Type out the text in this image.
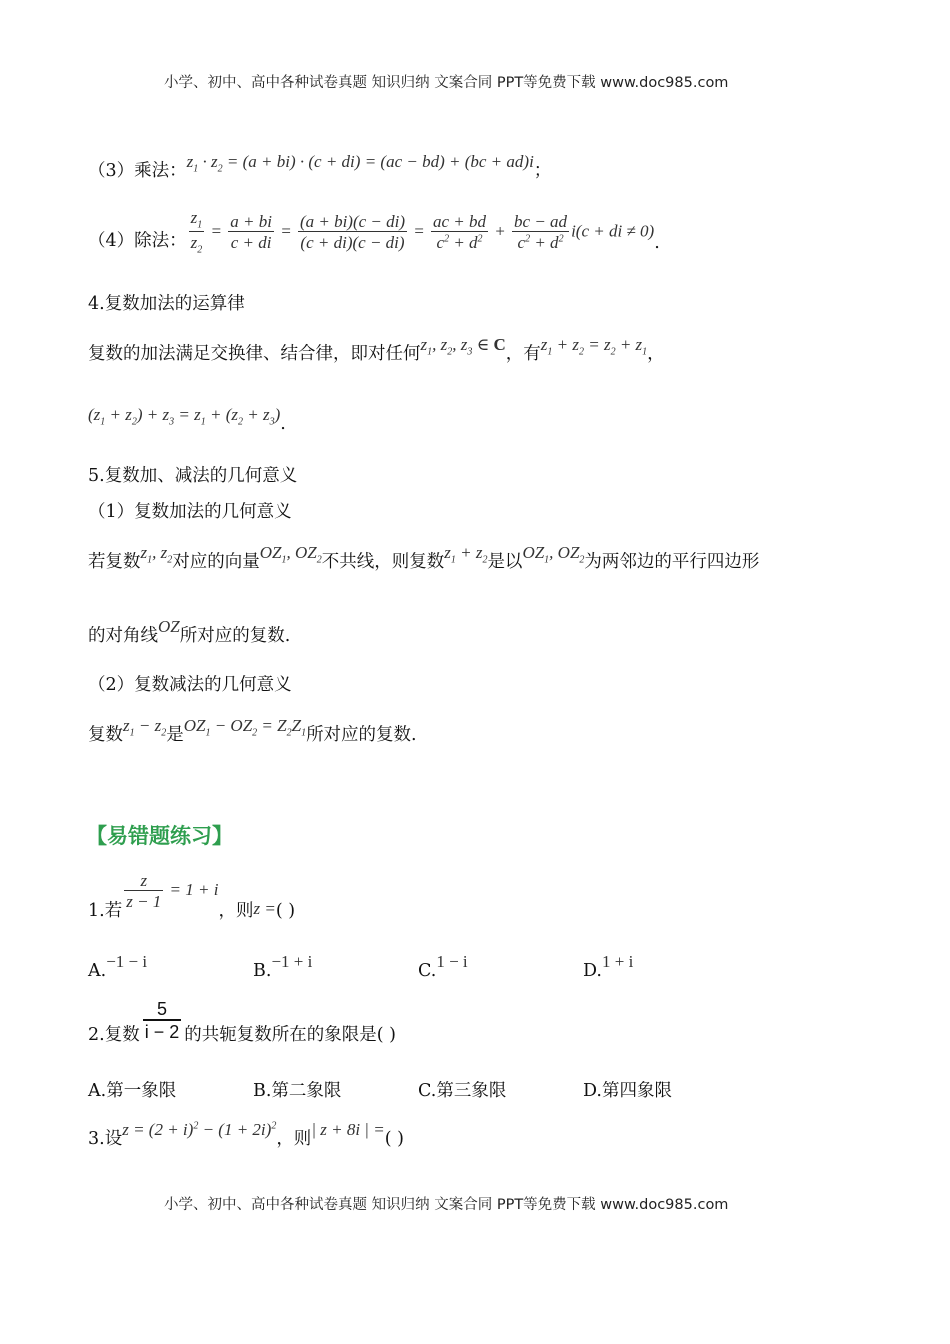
小学、初中、高中各种试卷真题 知识归纳 文案合同 PPT等免费下载 www.doc985.com
（3）乘法：$z_1 \cdot z_2 = (a + bi) \cdot (c + di) = (ac - bd) + (bc + ad)i$；
（4）除法： $\frac{z_1}{z_2} = \frac{a + bi}{c + di} = \frac{(a + bi)(c - di)}{(c + di)(c - di)} = \frac{ac + bd}{c^2 + d^2} + \frac{bc - ad}{c^2 + d^2} i(c$ + di ≠ 0).
4.复数加法的运算律
复数的加法满足交换律、结合律，即对任何$z_1$, $z_2$, $z_3$ ∈ C，有$z_1 + z_2 = z_2 + z_1$，
$(z_1 + z_2) + z_3 = z_1 + (z_2 + z_3)$.
5.复数加、减法的几何意义
（1）复数加法的几何意义
若复数$z_1$, $z_2$对应的向量$OZ_1$, $OZ_2$不共线，则复数$z_1 + z_2$是以$OZ_1$, $OZ_2$为两邻边的平行四边形
的对角线OZ所对应的复数.
（2）复数减法的几何意义
复数$z_1 - z_2$是$OZ_1 - OZ_2 = Z_2Z_1$所对应的复数.
【易错题练习】
1.若
$\frac{z}{z - 1} = 1 + i$，则z =( )
A.−1 − i	B.−1 + i	C.1 − i	D.1 + i
2.复数 $\frac{5}{i - 2}$ 的共轭复数所在的象限是( )
A.第一象限	B.第二象限	C.第三象限	D.第四象限
3.设$z = (2 + i)^2 - (1 + 2i)^2$，则| z + 8i | =( )
小学、初中、高中各种试卷真题 知识归纳 文案合同 PPT等免费下载 www.doc985.com
